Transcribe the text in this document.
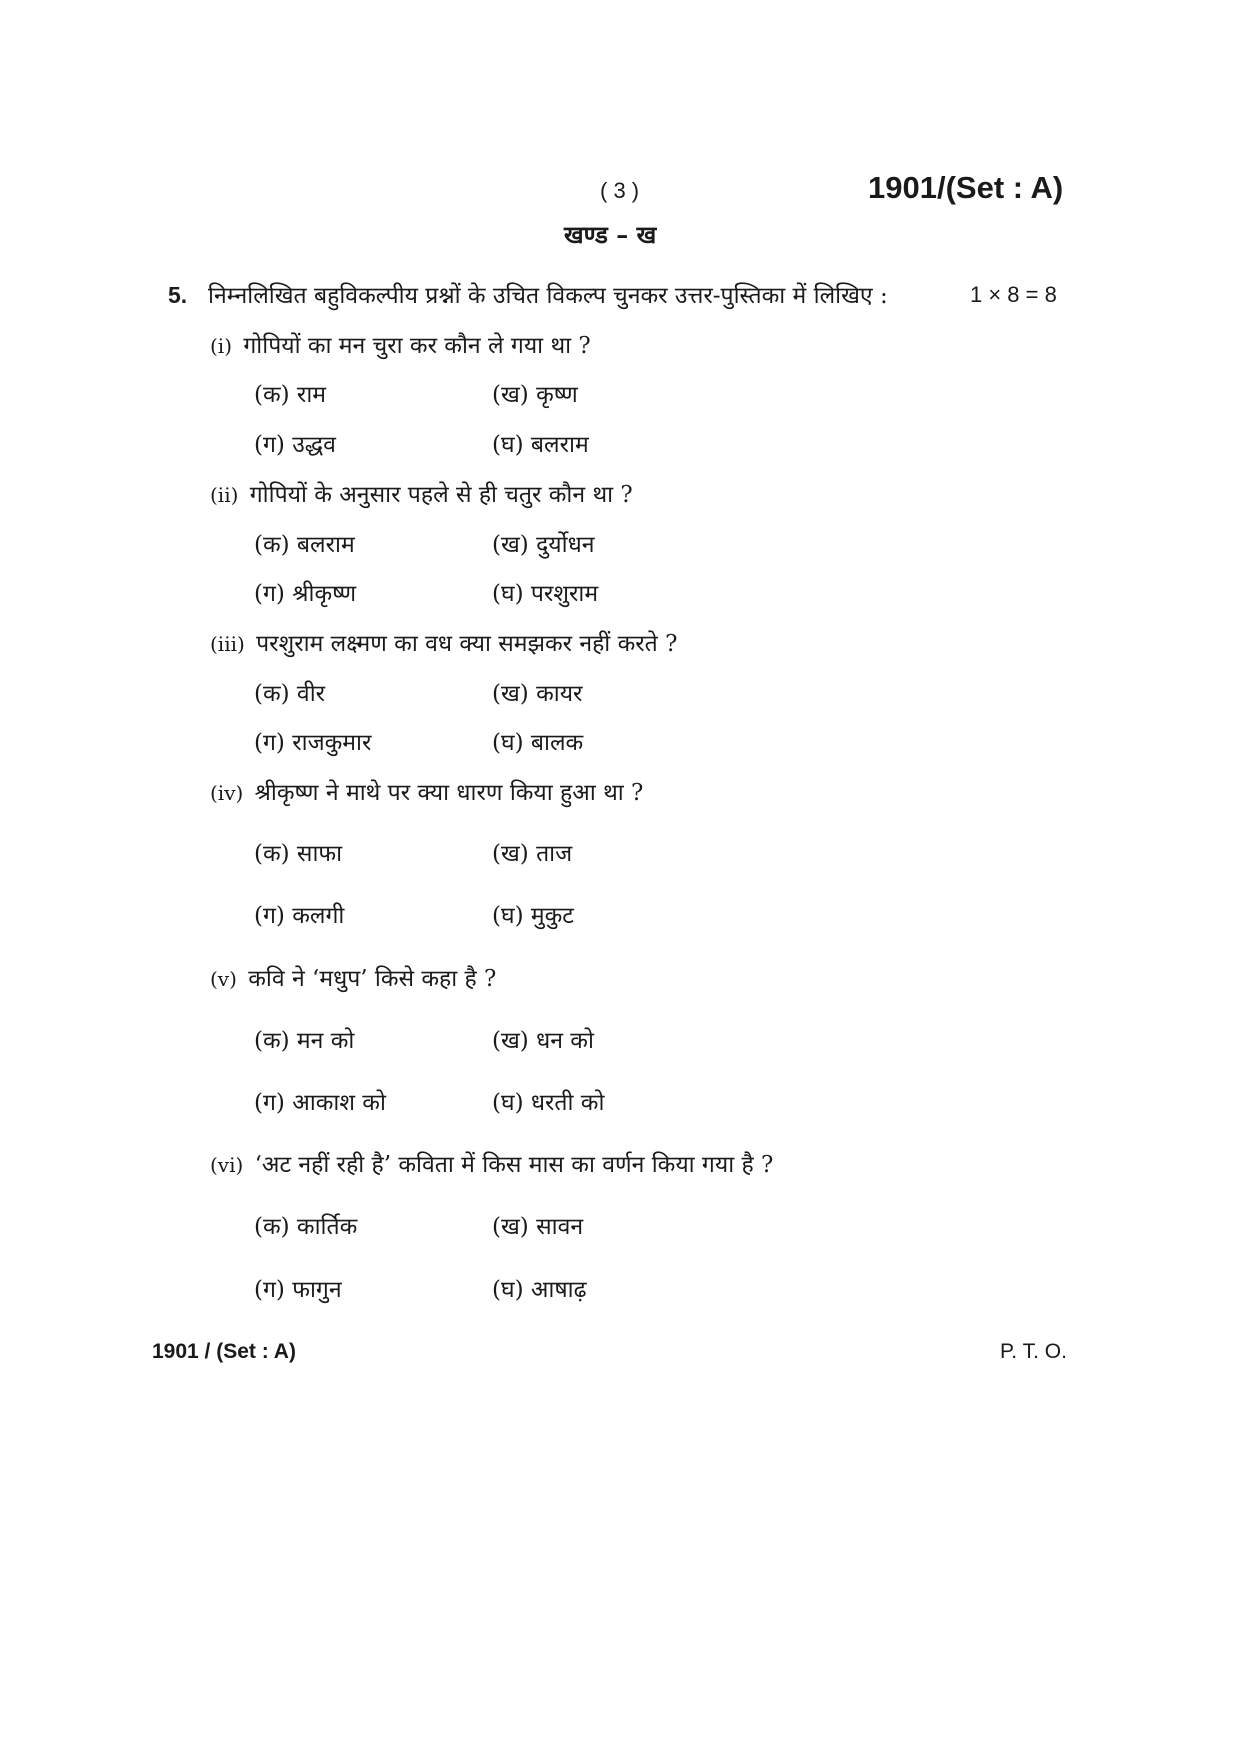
( 3 )	1901/(Set : A)
खण्ड – ख
5. निम्नलिखित बहुविकल्पीय प्रश्नों के उचित विकल्प चुनकर उत्तर-पुस्तिका में लिखिए :	1 × 8 = 8
(i) गोपियों का मन चुरा कर कौन ले गया था ?
(क) राम	(ख) कृष्ण
(ग) उद्धव	(घ) बलराम
(ii) गोपियों के अनुसार पहले से ही चतुर कौन था ?
(क) बलराम	(ख) दुर्योधन
(ग) श्रीकृष्ण	(घ) परशुराम
(iii) परशुराम लक्ष्मण का वध क्या समझकर नहीं करते ?
(क) वीर	(ख) कायर
(ग) राजकुमार	(घ) बालक
(iv) श्रीकृष्ण ने माथे पर क्या धारण किया हुआ था ?
(क) साफा	(ख) ताज
(ग) कलगी	(घ) मुकुट
(v) कवि ने ‘मधुप’ किसे कहा है ?
(क) मन को	(ख) धन को
(ग) आकाश को	(घ) धरती को
(vi) ‘अट नहीं रही है’ कविता में किस मास का वर्णन किया गया है ?
(क) कार्तिक	(ख) सावन
(ग) फागुन	(घ) आषाढ़
1901 / (Set : A)	P. T. O.
